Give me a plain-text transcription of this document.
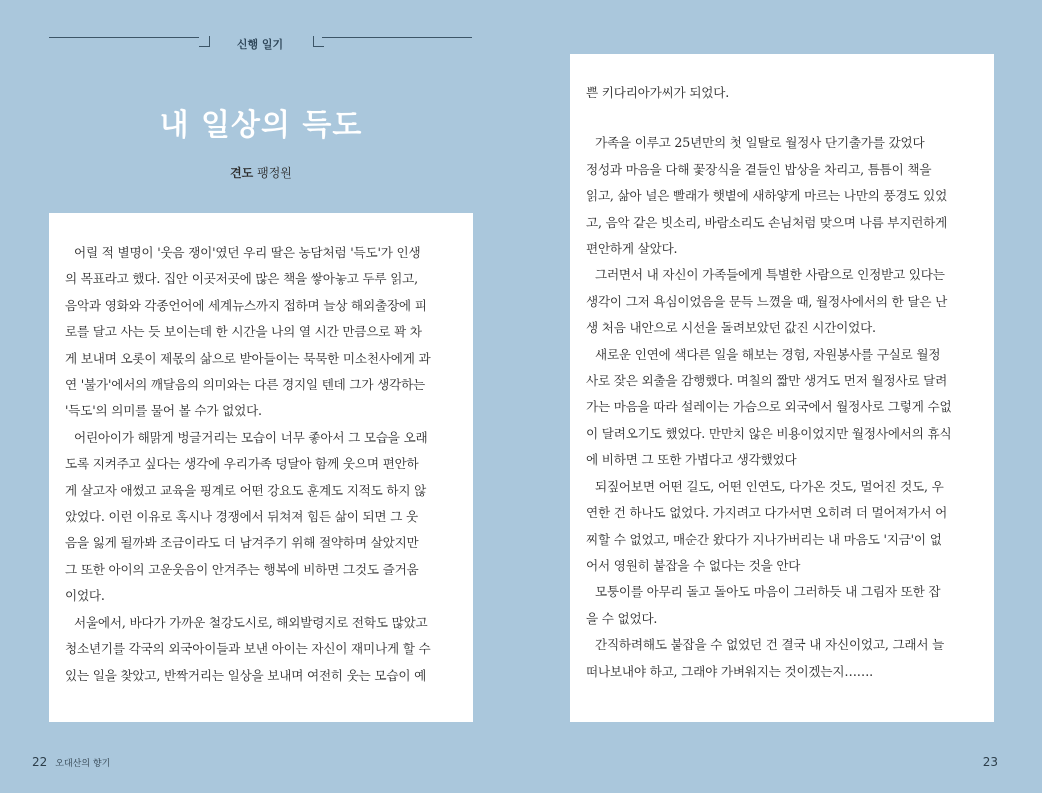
신행 일기
내 일상의 득도
견도 팽정원

어릴 적 별명이 '웃음 쟁이'였던 우리 딸은 농담처럼 '득도'가 인생
의 목표라고 했다. 집안 이곳저곳에 많은 책을 쌓아놓고 두루 읽고,
음악과 영화와 각종언어에 세계뉴스까지 접하며 늘상 해외출장에 피
로를 달고 사는 듯 보이는데 한 시간을 나의 열 시간 만큼으로 꽉 차
게 보내며 오롯이 제몫의 삶으로 받아들이는 묵묵한 미소천사에게 과
연 '불가'에서의 깨달음의 의미와는 다른 경지일 텐데 그가 생각하는
'득도'의 의미를 물어 볼 수가 없었다.

어린아이가 해맑게 벙글거리는 모습이 너무 좋아서 그 모습을 오래
도록 지켜주고 싶다는 생각에 우리가족 덩달아 함께 웃으며 편안하
게 살고자 애썼고 교육을 핑계로 어떤 강요도 훈계도 지적도 하지 않
았었다. 이런 이유로 혹시나 경쟁에서 뒤쳐져 힘든 삶이 되면 그 웃
음을 잃게 될까봐 조금이라도 더 남겨주기 위해 절약하며 살았지만
그 또한 아이의 고운웃음이 안겨주는 행복에 비하면 그것도 즐거움
이었다.

서울에서, 바다가 가까운 철강도시로, 해외발령지로 전학도 많았고
청소년기를 각국의 외국아이들과 보낸 아이는 자신이 재미나게 할 수
있는 일을 찾았고, 반짝거리는 일상을 보내며 여전히 웃는 모습이 예

쁜 키다리아가씨가 되었다.

가족을 이루고 25년만의 첫 일탈로 월정사 단기출가를 갔었다
정성과 마음을 다해 꽃장식을 곁들인 밥상을 차리고, 틈틈이 책을
읽고, 삶아 널은 빨래가 햇볕에 새하얗게 마르는 나만의 풍경도 있었
고, 음악 같은 빗소리, 바람소리도 손님처럼 맞으며 나름 부지런하게
편안하게 살았다.

그러면서 내 자신이 가족들에게 특별한 사람으로 인정받고 있다는
생각이 그저 욕심이었음을 문득 느꼈을 때, 월정사에서의 한 달은 난
생 처음 내안으로 시선을 돌려보았던 값진 시간이었다.

새로운 인연에 색다른 일을 해보는 경험, 자원봉사를 구실로 월정
사로 잦은 외출을 감행했다. 며칠의 짧만 생겨도 먼저 월정사로 달려
가는 마음을 따라 설레이는 가슴으로 외국에서 월정사로 그렇게 수없
이 달려오기도 했었다. 만만치 않은 비용이었지만 월정사에서의 휴식
에 비하면 그 또한 가볍다고 생각했었다

되짚어보면 어떤 길도, 어떤 인연도, 다가온 것도, 멀어진 것도, 우
연한 건 하나도 없었다. 가지려고 다가서면 오히려 더 멀어져가서 어
찌할 수 없었고, 매순간 왔다가 지나가버리는 내 마음도 '지금'이 없
어서 영원히 붙잡을 수 없다는 것을 안다

모퉁이를 아무리 돌고 돌아도 마음이 그러하듯 내 그림자 또한 잡
을 수 없었다.

간직하려해도 붙잡을 수 없었던 건 결국 내 자신이었고, 그래서 늘
떠나보내야 하고, 그래야 가벼워지는 것이겠는지…….

22 오대산의 향기	23
